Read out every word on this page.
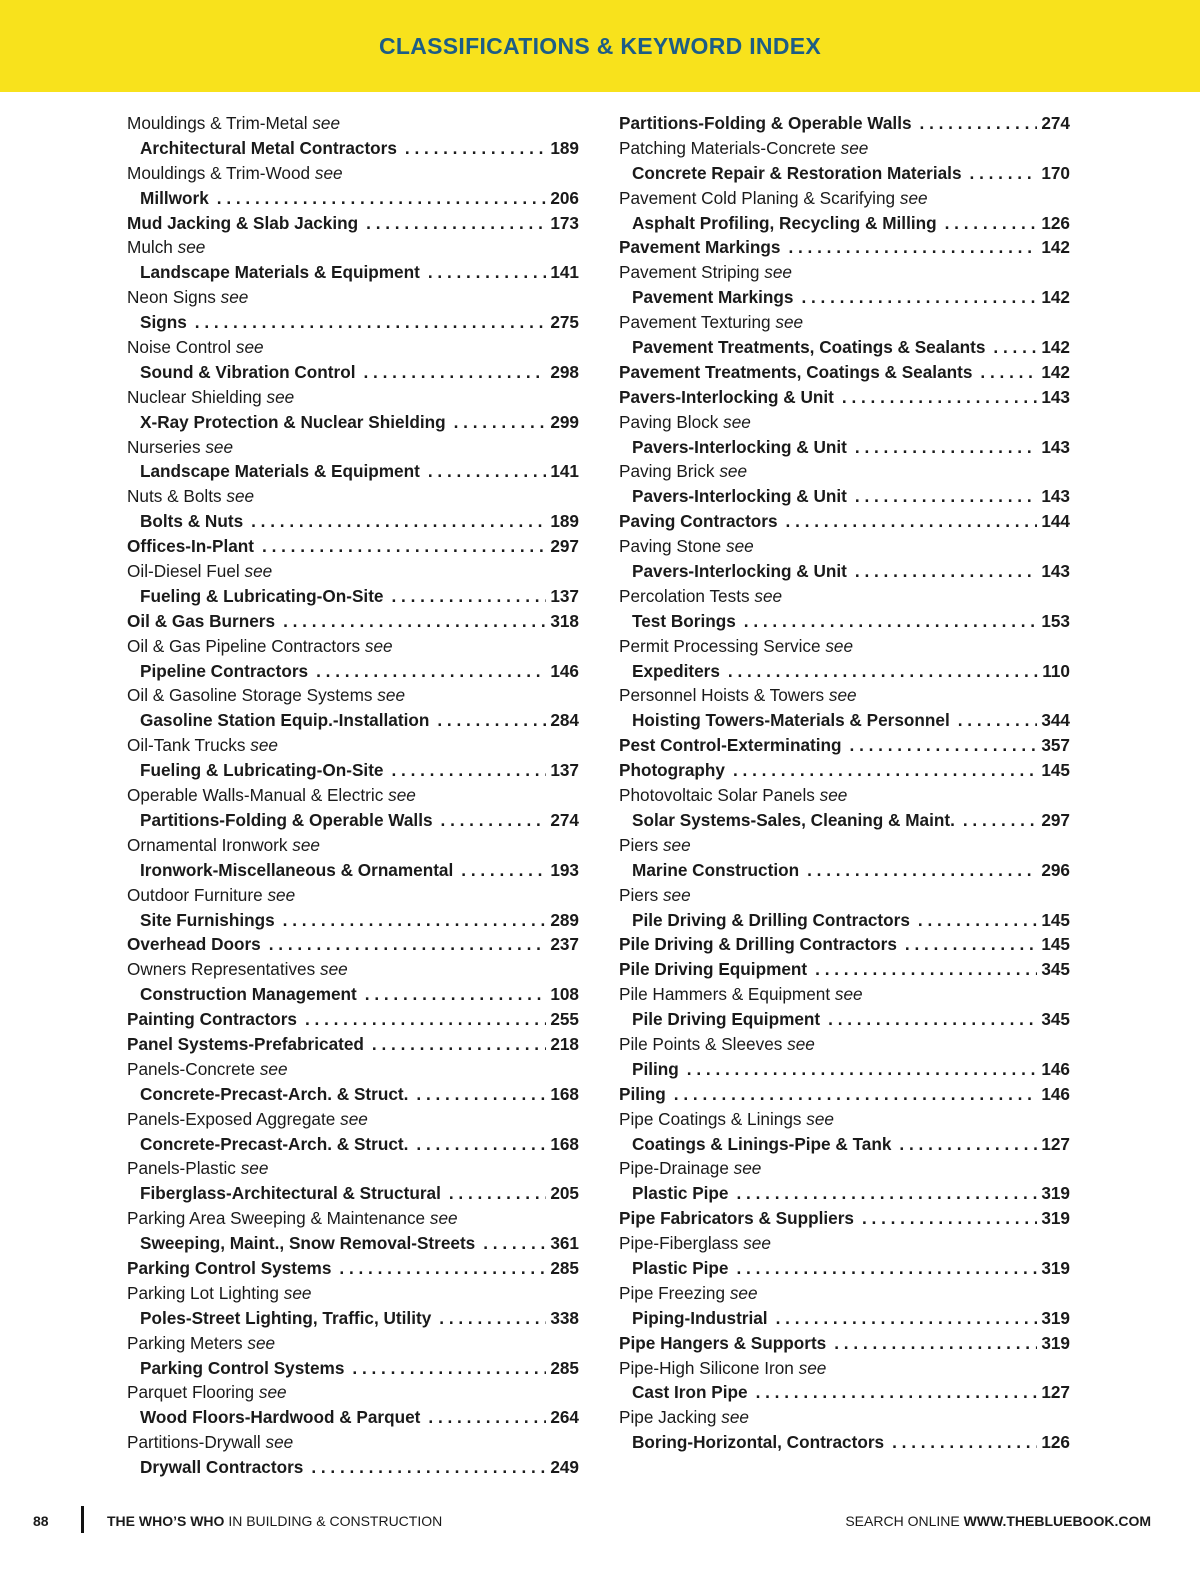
CLASSIFICATIONS & KEYWORD INDEX
Mouldings & Trim-Metal see
Architectural Metal Contractors . . .	189
Mouldings & Trim-Wood see
Millwork . . .	206
Mud Jacking & Slab Jacking . . .	173
Mulch see
Landscape Materials & Equipment . . .	141
Neon Signs see
Signs . . .	275
Noise Control see
Sound & Vibration Control . . .	298
Nuclear Shielding see
X-Ray Protection & Nuclear Shielding . . .	299
Nurseries see
Landscape Materials & Equipment . . .	141
Nuts & Bolts see
Bolts & Nuts . . .	189
Offices-In-Plant . . .	297
Oil-Diesel Fuel see
Fueling & Lubricating-On-Site . . .	137
Oil & Gas Burners . . .	318
Oil & Gas Pipeline Contractors see
Pipeline Contractors . . .	146
Oil & Gasoline Storage Systems see
Gasoline Station Equip.-Installation . . .	284
Oil-Tank Trucks see
Fueling & Lubricating-On-Site . . .	137
Operable Walls-Manual & Electric see
Partitions-Folding & Operable Walls . . .	274
Ornamental Ironwork see
Ironwork-Miscellaneous & Ornamental . . .	193
Outdoor Furniture see
Site Furnishings . . .	289
Overhead Doors . . .	237
Owners Representatives see
Construction Management . . .	108
Painting Contractors . . .	255
Panel Systems-Prefabricated . . .	218
Panels-Concrete see
Concrete-Precast-Arch. & Struct. . . .	168
Panels-Exposed Aggregate see
Concrete-Precast-Arch. & Struct. . . .	168
Panels-Plastic see
Fiberglass-Architectural & Structural . . .	205
Parking Area Sweeping & Maintenance see
Sweeping, Maint., Snow Removal-Streets . . .	361
Parking Control Systems . . .	285
Parking Lot Lighting see
Poles-Street Lighting, Traffic, Utility . . .	338
Parking Meters see
Parking Control Systems . . .	285
Parquet Flooring see
Wood Floors-Hardwood & Parquet . . .	264
Partitions-Drywall see
Drywall Contractors . . .	249
Partitions-Folding & Operable Walls . . .	274
Patching Materials-Concrete see
Concrete Repair & Restoration Materials . . .	170
Pavement Cold Planing & Scarifying see
Asphalt Profiling, Recycling & Milling . . .	126
Pavement Markings . . .	142
Pavement Striping see
Pavement Markings . . .	142
Pavement Texturing see
Pavement Treatments, Coatings & Sealants . . .	142
Pavement Treatments, Coatings & Sealants . . .	142
Pavers-Interlocking & Unit . . .	143
Paving Block see
Pavers-Interlocking & Unit . . .	143
Paving Brick see
Pavers-Interlocking & Unit . . .	143
Paving Contractors . . .	144
Paving Stone see
Pavers-Interlocking & Unit . . .	143
Percolation Tests see
Test Borings . . .	153
Permit Processing Service see
Expediters . . .	110
Personnel Hoists & Towers see
Hoisting Towers-Materials & Personnel . . .	344
Pest Control-Exterminating . . .	357
Photography . . .	145
Photovoltaic Solar Panels see
Solar Systems-Sales, Cleaning & Maint. . . .	297
Piers see
Marine Construction . . .	296
Piers see
Pile Driving & Drilling Contractors . . .	145
Pile Driving & Drilling Contractors . . .	145
Pile Driving Equipment . . .	345
Pile Hammers & Equipment see
Pile Driving Equipment . . .	345
Pile Points & Sleeves see
Piling . . .	146
Piling . . .	146
Pipe Coatings & Linings see
Coatings & Linings-Pipe & Tank . . .	127
Pipe-Drainage see
Plastic Pipe . . .	319
Pipe Fabricators & Suppliers . . .	319
Pipe-Fiberglass see
Plastic Pipe . . .	319
Pipe Freezing see
Piping-Industrial . . .	319
Pipe Hangers & Supports . . .	319
Pipe-High Silicone Iron see
Cast Iron Pipe . . .	127
Pipe Jacking see
Boring-Horizontal, Contractors . . .	126
88	THE WHO’S WHO IN BUILDING & CONSTRUCTION	SEARCH ONLINE WWW.THEBLUEBOOK.COM
